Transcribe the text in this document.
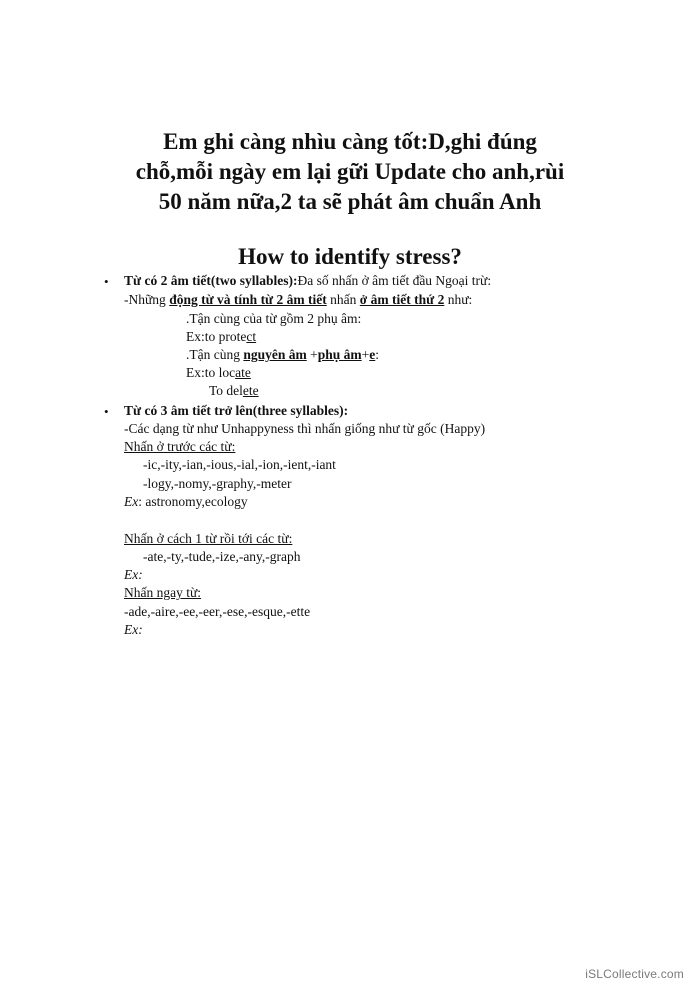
Em ghi càng nhìu càng tốt:D,ghi đúng
chỗ,mỗi ngày em lại gữi Update cho anh,rùi
50 năm nữa,2 ta sẽ phát âm chuẩn Anh
How to identify stress?
• Từ có 2 âm tiết(two syllables):Đa số nhấn ở âm tiết đầu Ngoại trừ:
-Những động từ và tính từ 2 âm tiết nhấn ở âm tiết thứ 2 như:
.Tận cùng của từ gồm 2 phụ âm:
Ex:to protect
.Tận cùng nguyên âm +phụ âm+e:
Ex:to locate
To delete
• Từ có 3 âm tiết trở lên(three syllables):
-Các dạng từ như Unhappyness thì nhấn giống như từ gốc (Happy)
Nhấn ở trước các từ:
-ic,-ity,-ian,-ious,-ial,-ion,-ient,-iant
-logy,-nomy,-graphy,-meter
Ex: astronomy,ecology
Nhấn ở cách 1 từ rồi tới các từ:
-ate,-ty,-tude,-ize,-any,-graph
Ex:
Nhấn ngay từ:
-ade,-aire,-ee,-eer,-ese,-esque,-ette
Ex:
iSLCollective.com
